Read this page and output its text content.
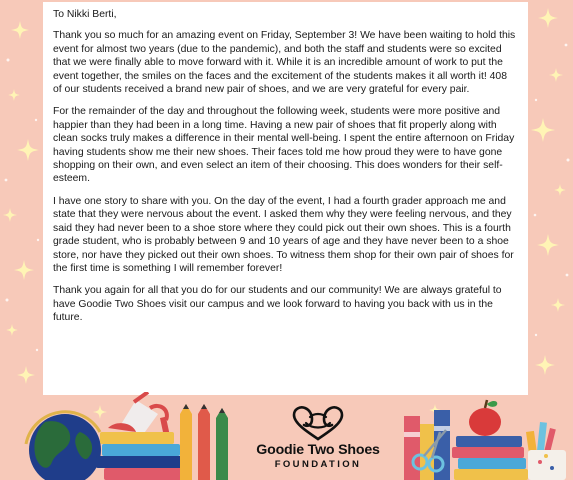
To Nikki Berti,

Thank you so much for an amazing event on Friday, September 3! We have been waiting to hold this event for almost two years (due to the pandemic), and both the staff and students were so excited that we were finally able to move forward with it. While it is an incredible amount of work to put the event together, the smiles on the faces and the excitement of the students makes it all worth it! 408 of our students received a brand new pair of shoes, and we are very grateful for every pair.

For the remainder of the day and throughout the following week, students were more positive and happier than they had been in a long time. Having a new pair of shoes that fit properly along with clean socks truly makes a difference in their mental well-being. I spent the entire afternoon on Friday having students show me their new shoes. Their faces told me how proud they were to have gone shopping on their own, and even select an item of their choosing. This does wonders for their self-esteem.

I have one story to share with you. On the day of the event, I had a fourth grader approach me and state that they were nervous about the event. I asked them why they were feeling nervous, and they said they had never been to a shoe store where they could pick out their own shoes. This is a fourth grade student, who is probably between 9 and 10 years of age and they have never been to a shoe store, nor have they picked out their own shoes. To witness them shop for their own pair of shoes for the first time is something I will remember forever!

Thank you again for all that you do for our students and our community! We are always grateful to have Goodie Two Shoes visit our campus and we look forward to having you back with us in the future.

Goodie Two Shoes
FOUNDATION
